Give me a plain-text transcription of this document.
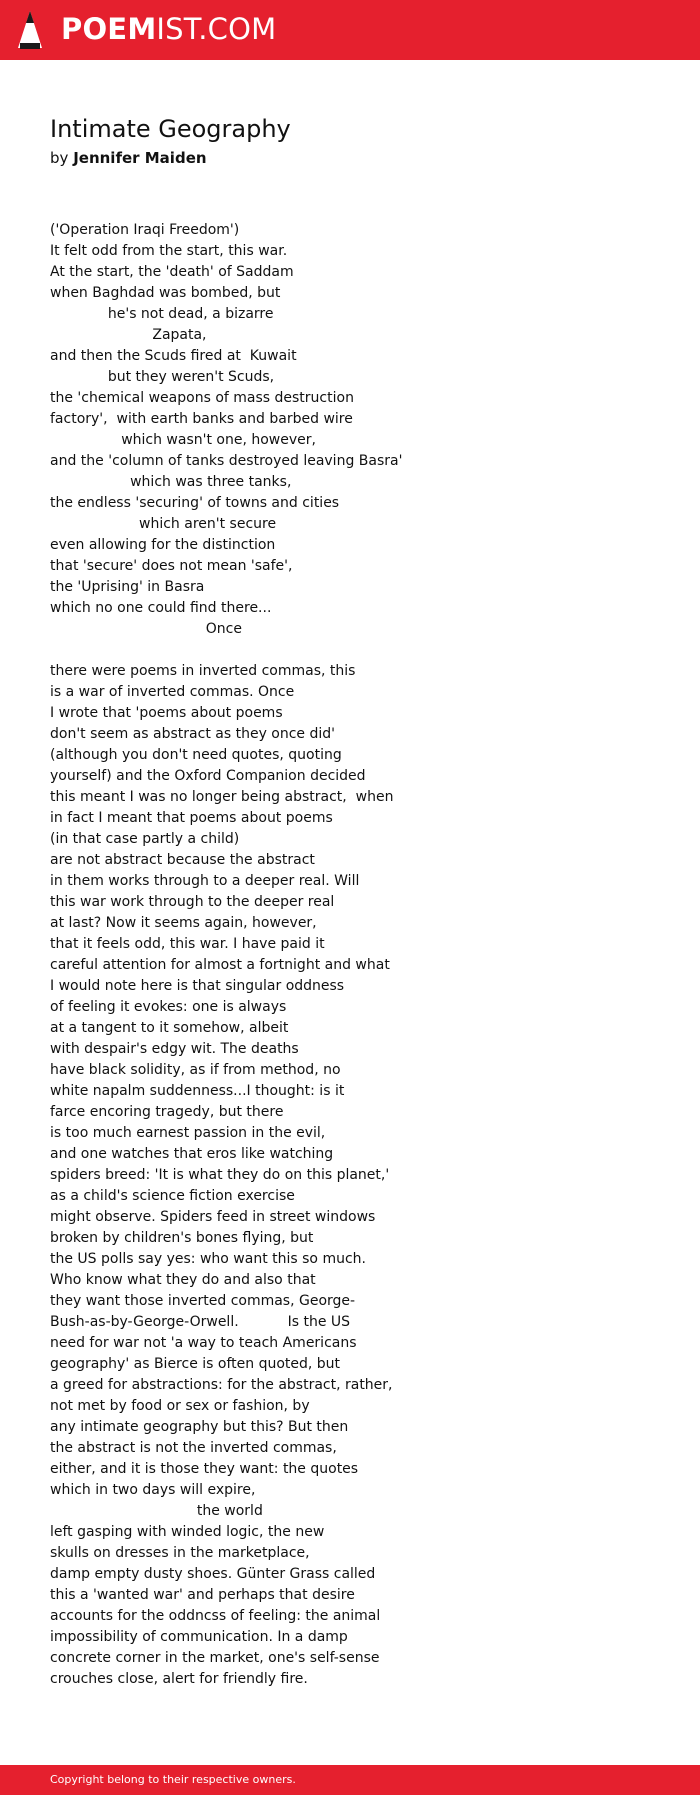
POEMIST.COM
Intimate Geography
by Jennifer Maiden
('Operation Iraqi Freedom')
It felt odd from the start, this war.
At the start, the 'death' of Saddam
when Baghdad was bombed, but
he's not dead, a bizarre
Zapata,
and then the Scuds fired at  Kuwait
but they weren't Scuds,
the 'chemical weapons of mass destruction
factory',  with earth banks and barbed wire
which wasn't one, however,
and the 'column of tanks destroyed leaving Basra'
which was three tanks,
the endless 'securing' of towns and cities
which aren't secure
even allowing for the distinction
that 'secure' does not mean 'safe',
the 'Uprising' in Basra
which no one could find there...
Once
there were poems in inverted commas, this
is a war of inverted commas. Once
I wrote that 'poems about poems
don't seem as abstract as they once did'
(although you don't need quotes, quoting
yourself) and the Oxford Companion decided
this meant I was no longer being abstract,  when
in fact I meant that poems about poems
(in that case partly a child)
are not abstract because the abstract
in them works through to a deeper real. Will
this war work through to the deeper real
at last? Now it seems again, however,
that it feels odd, this war. I have paid it
careful attention for almost a fortnight and what
I would note here is that singular oddness
of feeling it evokes: one is always
at a tangent to it somehow, albeit
with despair's edgy wit. The deaths
have black solidity, as if from method, no
white napalm suddenness...I thought: is it
farce encoring tragedy, but there
is too much earnest passion in the evil,
and one watches that eros like watching
spiders breed: 'It is what they do on this planet,'
as a child's science fiction exercise
might observe. Spiders feed in street windows
broken by children's bones flying, but
the US polls say yes: who want this so much.
Who know what they do and also that
they want those inverted commas, George-
Bush-as-by-George-Orwell.           Is the US
need for war not 'a way to teach Americans
geography' as Bierce is often quoted, but
a greed for abstractions: for the abstract, rather,
not met by food or sex or fashion, by
any intimate geography but this? But then
the abstract is not the inverted commas,
either, and it is those they want: the quotes
which in two days will expire,
the world
left gasping with winded logic, the new
skulls on dresses in the marketplace,
damp empty dusty shoes. Günter Grass called
this a 'wanted war' and perhaps that desire
accounts for the oddncss of feeling: the animal
impossibility of communication. In a damp
concrete corner in the market, one's self-sense
crouches close, alert for friendly fire.
Copyright belong to their respective owners.
